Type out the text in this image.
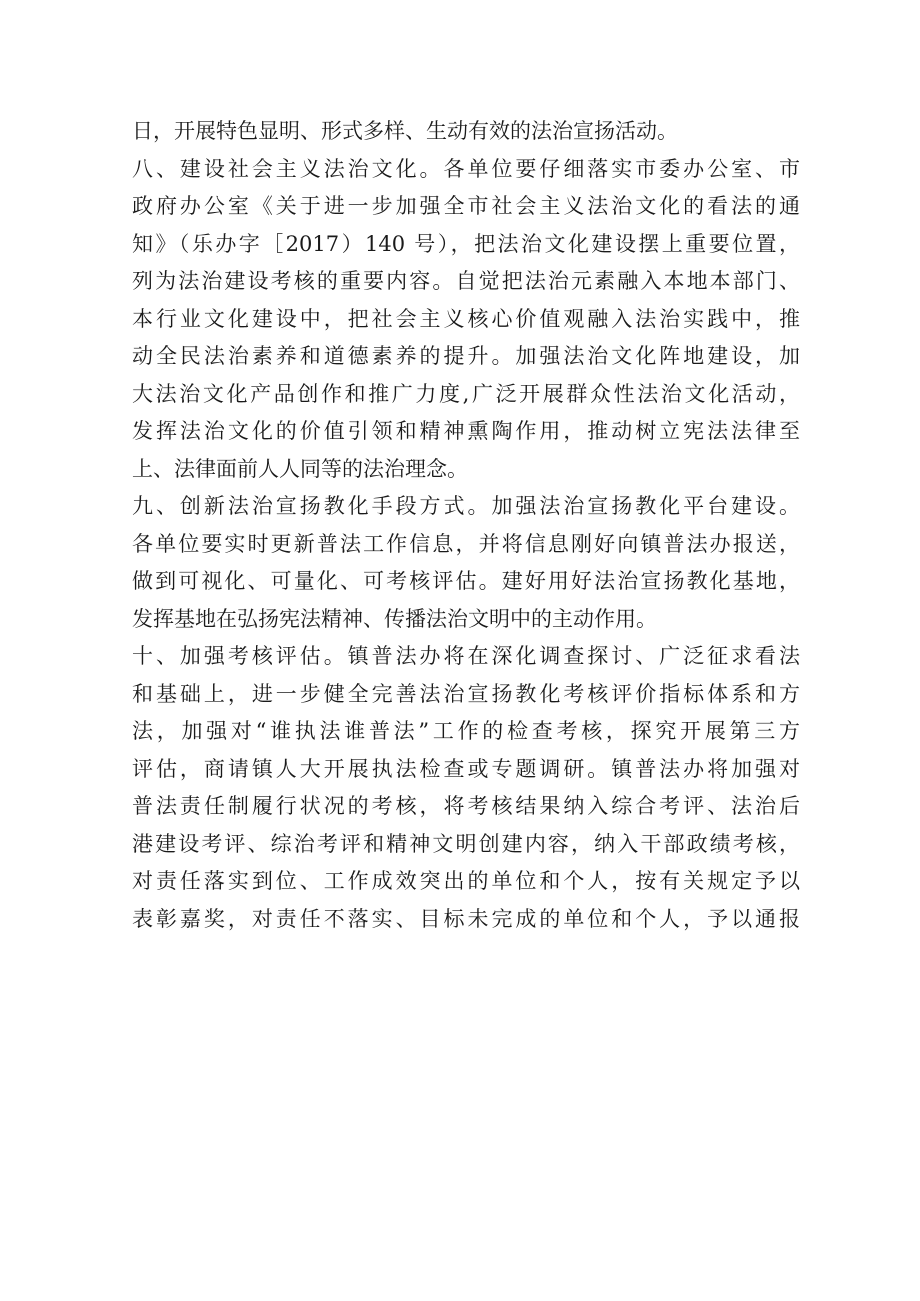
日，开展特色显明、形式多样、生动有效的法治宣扬活动。
八、建设社会主义法治文化。各单位要仔细落实市委办公室、市
政府办公室《关于进一步加强全市社会主义法治文化的看法的通
知》（乐办字［2017）140 号），把法治文化建设摆上重要位置，
列为法治建设考核的重要内容。自觉把法治元素融入本地本部门、
本行业文化建设中，把社会主义核心价值观融入法治实践中，推
动全民法治素养和道德素养的提升。加强法治文化阵地建设，加
大法治文化产品创作和推广力度,广泛开展群众性法治文化活动，
发挥法治文化的价值引领和精神熏陶作用，推动树立宪法法律至
上、法律面前人人同等的法治理念。
九、创新法治宣扬教化手段方式。加强法治宣扬教化平台建设。
各单位要实时更新普法工作信息，并将信息刚好向镇普法办报送，
做到可视化、可量化、可考核评估。建好用好法治宣扬教化基地，
发挥基地在弘扬宪法精神、传播法治文明中的主动作用。
十、加强考核评估。镇普法办将在深化调查探讨、广泛征求看法
和基础上，进一步健全完善法治宣扬教化考核评价指标体系和方
法，加强对“谁执法谁普法”工作的检查考核，探究开展第三方
评估，商请镇人大开展执法检查或专题调研。镇普法办将加强对
普法责任制履行状况的考核，将考核结果纳入综合考评、法治后
港建设考评、综治考评和精神文明创建内容，纳入干部政绩考核，
对责任落实到位、工作成效突出的单位和个人，按有关规定予以
表彰嘉奖，对责任不落实、目标未完成的单位和个人，予以通报
